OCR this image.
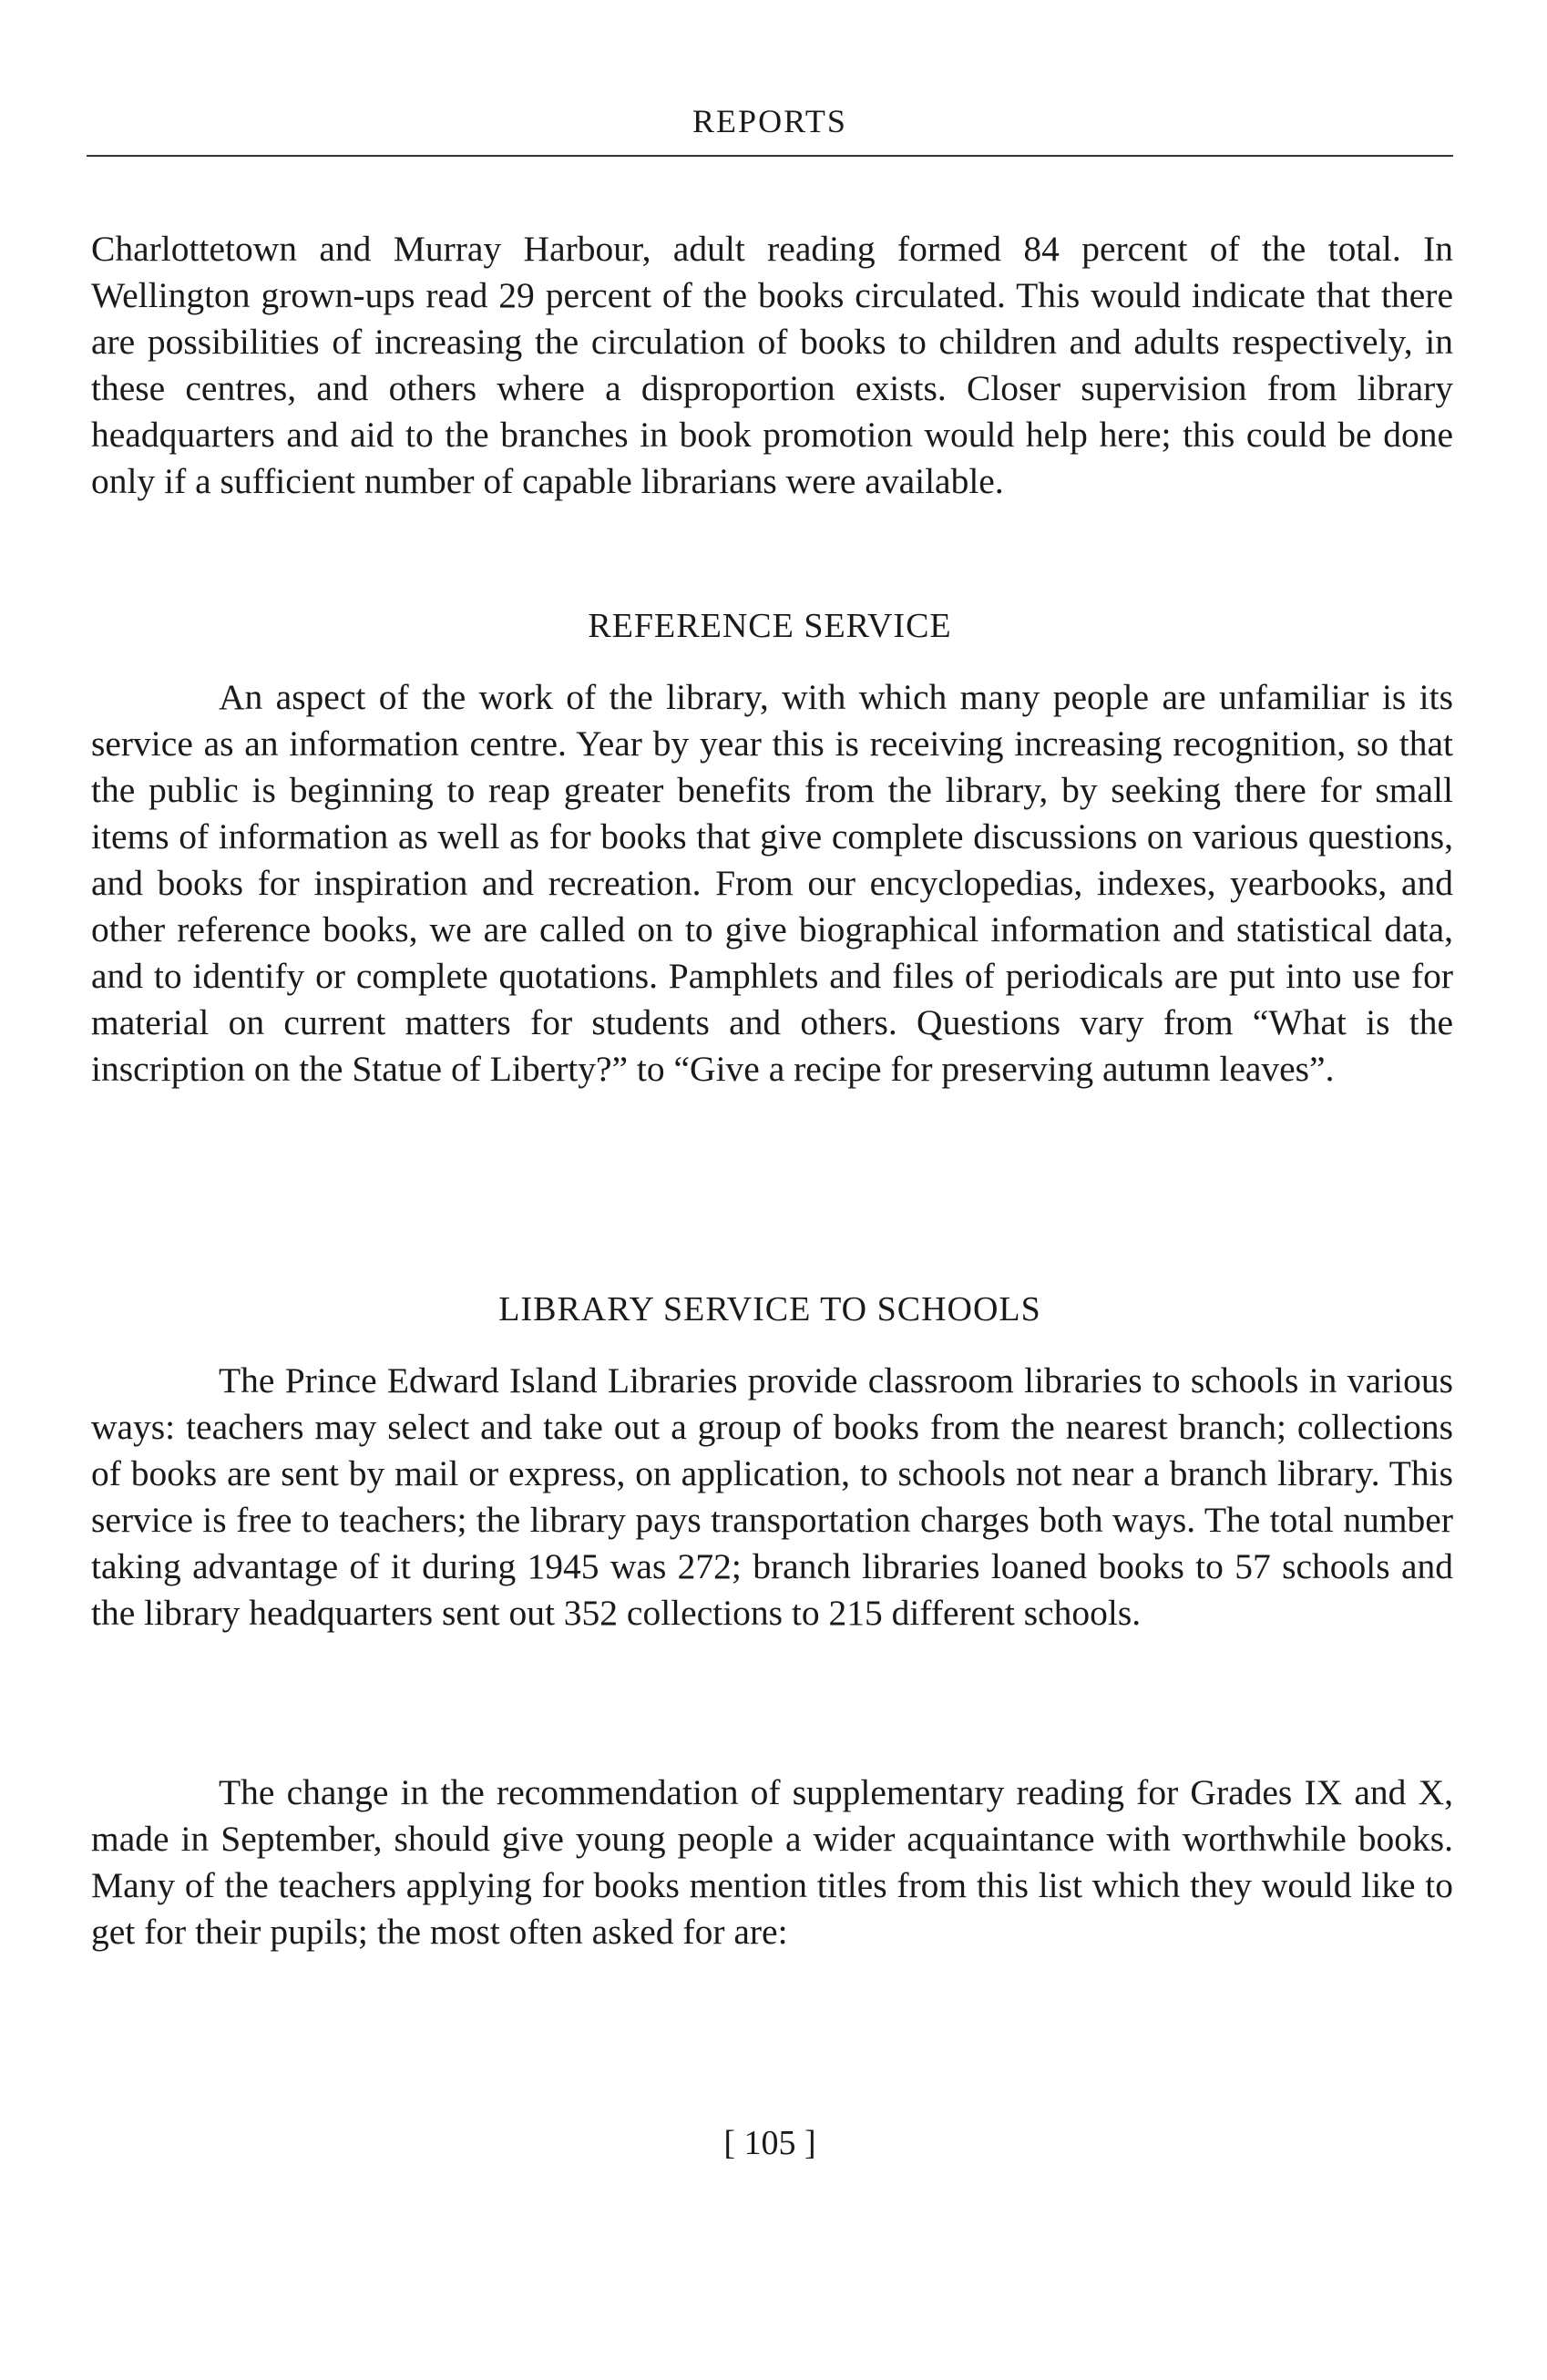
REPORTS

Charlottetown and Murray Harbour, adult reading formed 84 percent of the total. In Wellington grown-ups read 29 percent of the books circulated. This would indicate that there are possibilities of increasing the circulation of books to children and adults respectively, in these centres, and others where a disproportion exists. Closer supervision from library headquarters and aid to the branches in book promotion would help here; this could be done only if a sufficient number of capable librarians were available.

REFERENCE SERVICE

An aspect of the work of the library, with which many people are unfamiliar is its service as an information centre. Year by year this is receiving increasing recognition, so that the public is beginning to reap greater benefits from the library, by seeking there for small items of information as well as for books that give complete discussions on various questions, and books for inspiration and recreation. From our encyclopedias, indexes, yearbooks, and other reference books, we are called on to give biographical information and statistical data, and to identify or complete quotations. Pamphlets and files of periodicals are put into use for material on current matters for students and others. Questions vary from “What is the inscription on the Statue of Liberty?” to “Give a recipe for preserving autumn leaves”.

LIBRARY SERVICE TO SCHOOLS

The Prince Edward Island Libraries provide classroom libraries to schools in various ways: teachers may select and take out a group of books from the nearest branch; collections of books are sent by mail or express, on application, to schools not near a branch library. This service is free to teachers; the library pays transportation charges both ways. The total number taking advantage of it during 1945 was 272; branch libraries loaned books to 57 schools and the library headquarters sent out 352 collections to 215 different schools.

The change in the recommendation of supplementary reading for Grades IX and X, made in September, should give young people a wider acquaintance with worthwhile books. Many of the teachers applying for books mention titles from this list which they would like to get for their pupils; the most often asked for are:

[ 105 ]
